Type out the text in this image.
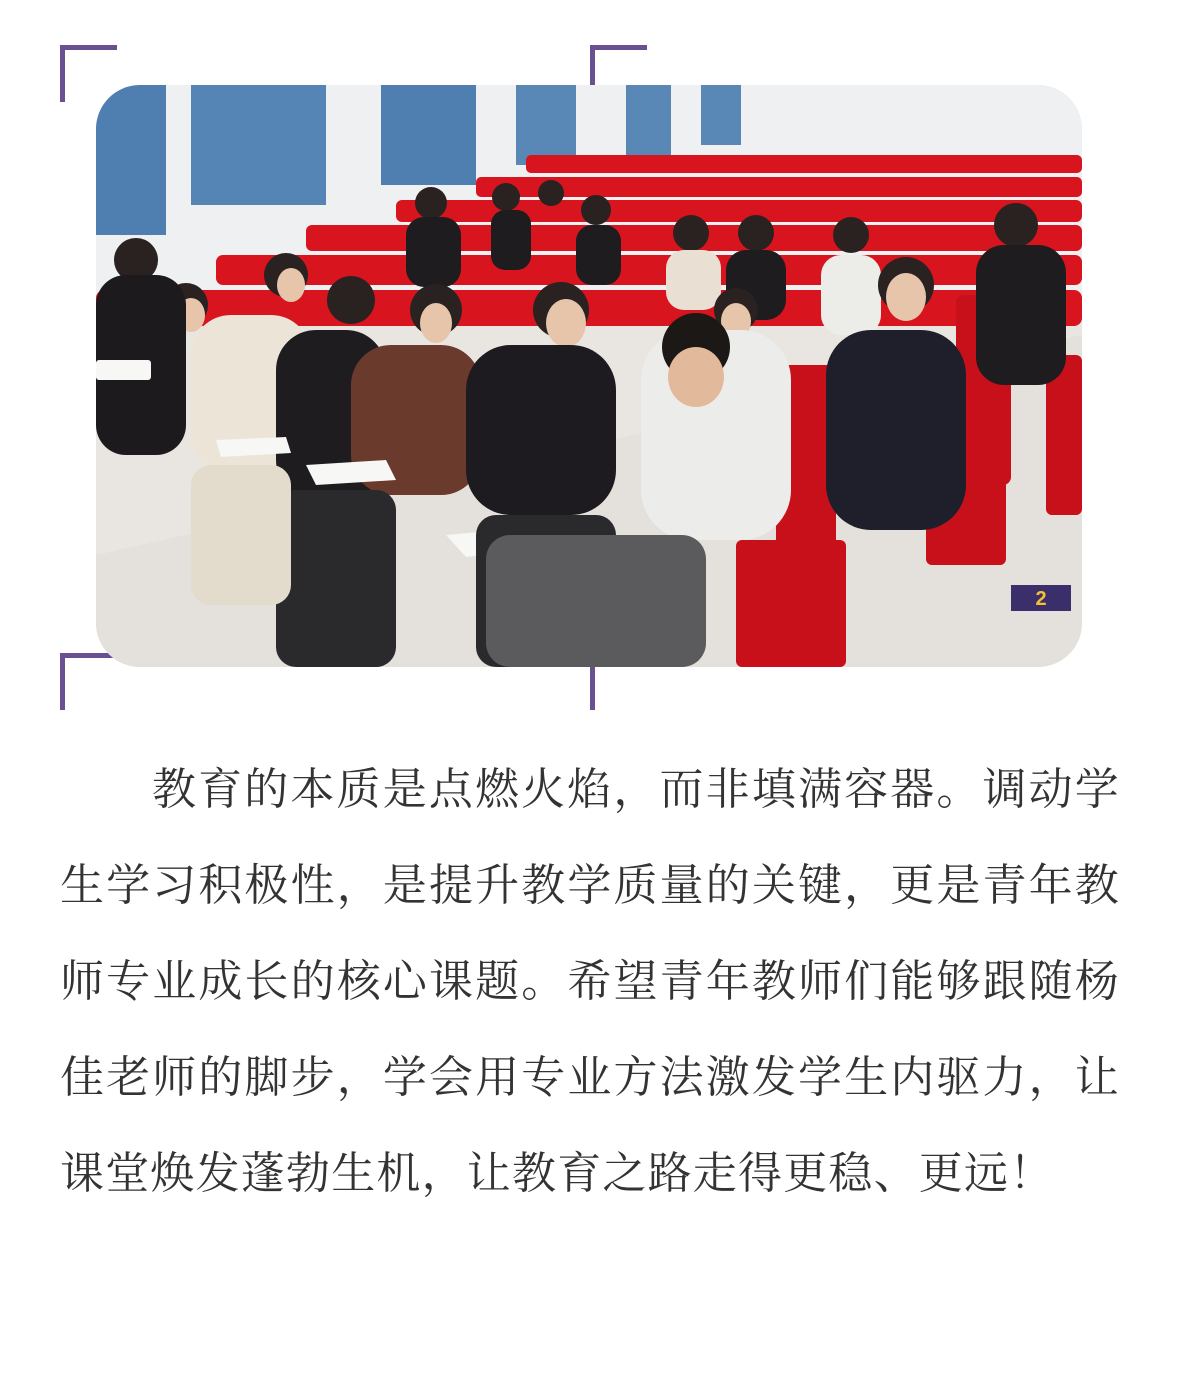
2

教育的本质是点燃火焰，而非填满容器。调动学生学习积极性，是提升教学质量的关键，更是青年教师专业成长的核心课题。希望青年教师们能够跟随杨佳老师的脚步，学会用专业方法激发学生内驱力，让课堂焕发蓬勃生机，让教育之路走得更稳、更远！
